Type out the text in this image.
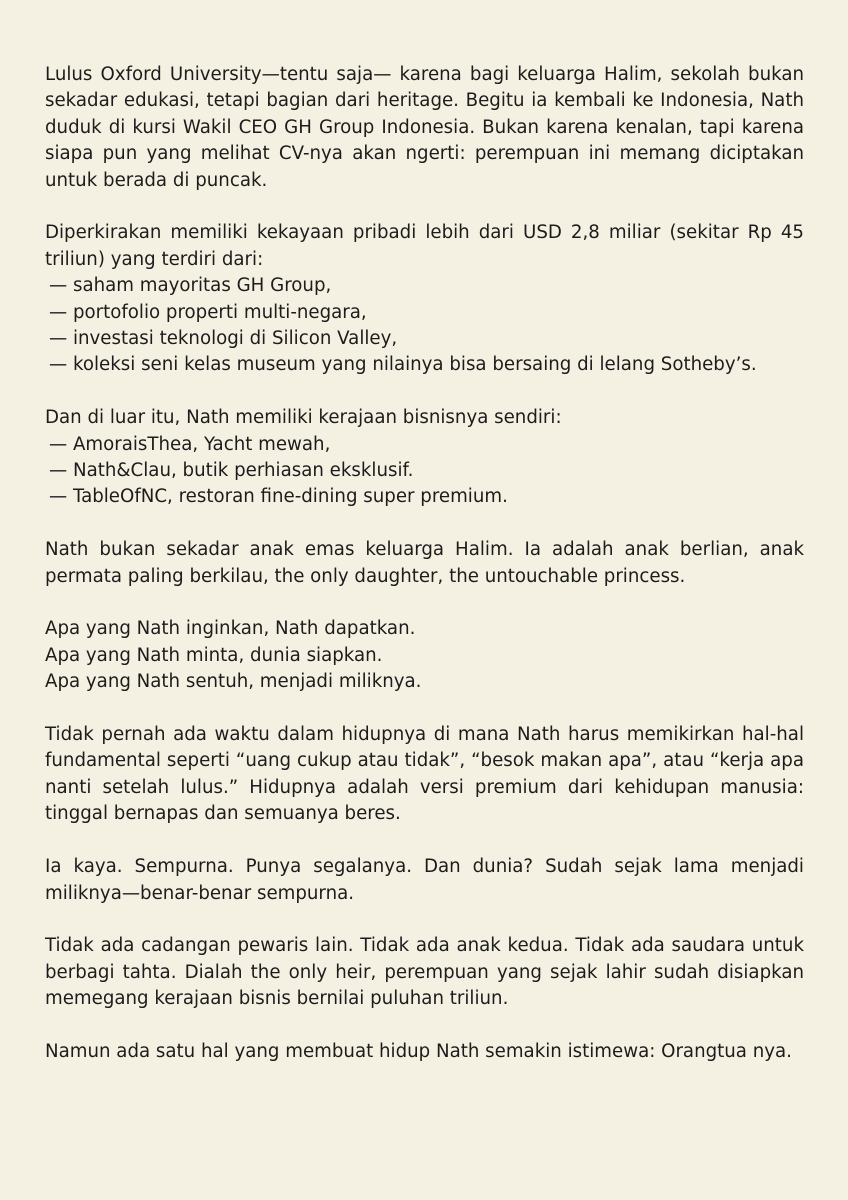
Lulus Oxford University—tentu saja— karena bagi keluarga Halim, sekolah bukan sekadar edukasi, tetapi bagian dari heritage. Begitu ia kembali ke Indonesia, Nath duduk di kursi Wakil CEO GH Group Indonesia. Bukan karena kenalan, tapi karena siapa pun yang melihat CV-nya akan ngerti: perempuan ini memang diciptakan untuk berada di puncak.

Diperkirakan memiliki kekayaan pribadi lebih dari USD 2,8 miliar (sekitar Rp 45 triliun) yang terdiri dari:
— saham mayoritas GH Group,
— portofolio properti multi-negara,
— investasi teknologi di Silicon Valley,
— koleksi seni kelas museum yang nilainya bisa bersaing di lelang Sotheby’s.
Dan di luar itu, Nath memiliki kerajaan bisnisnya sendiri:
— AmoraisThea, Yacht mewah,
— Nath&Clau, butik perhiasan eksklusif.
— TableOfNC, restoran fine-dining super premium.

Nath bukan sekadar anak emas keluarga Halim. Ia adalah anak berlian, anak permata paling berkilau, the only daughter, the untouchable princess.

Apa yang Nath inginkan, Nath dapatkan.
Apa yang Nath minta, dunia siapkan.
Apa yang Nath sentuh, menjadi miliknya.

Tidak pernah ada waktu dalam hidupnya di mana Nath harus memikirkan hal-hal fundamental seperti “uang cukup atau tidak”, “besok makan apa”, atau “kerja apa nanti setelah lulus.” Hidupnya adalah versi premium dari kehidupan manusia: tinggal bernapas dan semuanya beres.

Ia kaya. Sempurna. Punya segalanya. Dan dunia? Sudah sejak lama menjadi miliknya—benar-benar sempurna.

Tidak ada cadangan pewaris lain. Tidak ada anak kedua. Tidak ada saudara untuk berbagi tahta. Dialah the only heir, perempuan yang sejak lahir sudah disiapkan memegang kerajaan bisnis bernilai puluhan triliun.

Namun ada satu hal yang membuat hidup Nath semakin istimewa: Orangtua nya.
